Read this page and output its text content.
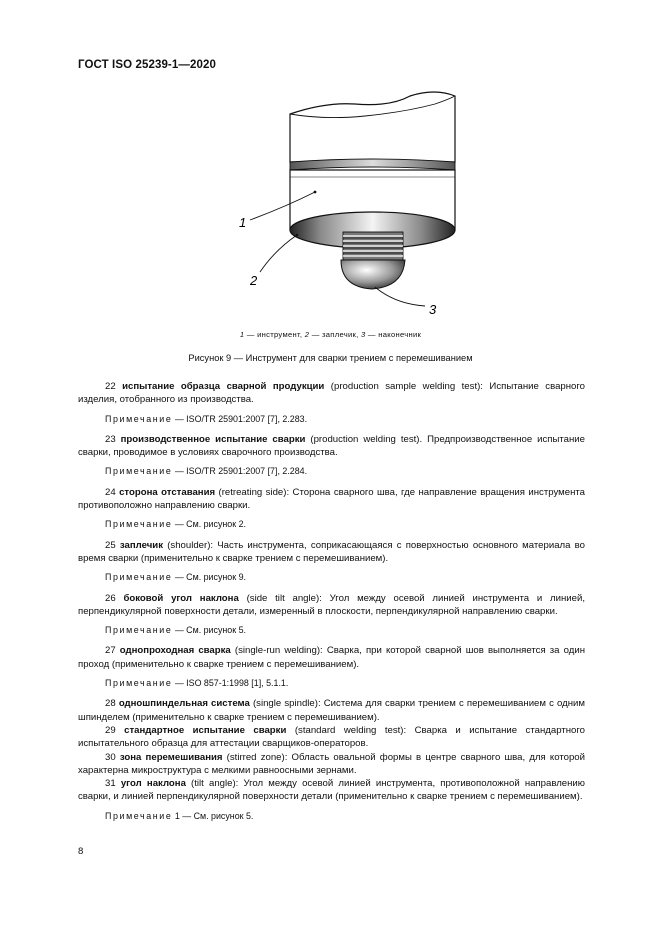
ГОСТ ISO 25239-1—2020
1
2
3
1 — инструмент, 2 — заплечик, 3 — наконечник
Рисунок 9 — Инструмент для сварки трением с перемешиванием

22 испытание образца сварной продукции (production sample welding test): Испытание сварного изделия, отобранного из производства.

Примечание — ISO/TR 25901:2007 [7], 2.283.

23 производственное испытание сварки (production welding test). Предпроизводственное испытание сварки, проводимое в условиях сварочного производства.

Примечание — ISO/TR 25901:2007 [7], 2.284.

24 сторона отставания (retreating side): Сторона сварного шва, где направление вращения инструмента противоположно направлению сварки.

Примечание — См. рисунок 2.

25 заплечик (shoulder): Часть инструмента, соприкасающаяся с поверхностью основного материала во время сварки (применительно к сварке трением с перемешиванием).

Примечание — См. рисунок 9.

26 боковой угол наклона (side tilt angle): Угол между осевой линией инструмента и линией, перпендикулярной поверхности детали, измеренный в плоскости, перпендикулярной направлению сварки.

Примечание — См. рисунок 5.

27 однопроходная сварка (single-run welding): Сварка, при которой сварной шов выполняется за один проход (применительно к сварке трением с перемешиванием).

Примечание — ISO 857-1:1998 [1], 5.1.1.

28 одношпиндельная система (single spindle): Система для сварки трением с перемешиванием с одним шпинделем (применительно к сварке трением с перемешиванием).

29 стандартное испытание сварки (standard welding test): Сварка и испытание стандартного испытательного образца для аттестации сварщиков-операторов.

30 зона перемешивания (stirred zone): Область овальной формы в центре сварного шва, для которой характерна микроструктура с мелкими равноосными зернами.

31 угол наклона (tilt angle): Угол между осевой линией инструмента, противоположной направлению сварки, и линией перпендикулярной поверхности детали (применительно к сварке трением с перемешиванием).

Примечание 1 — См. рисунок 5.

8
